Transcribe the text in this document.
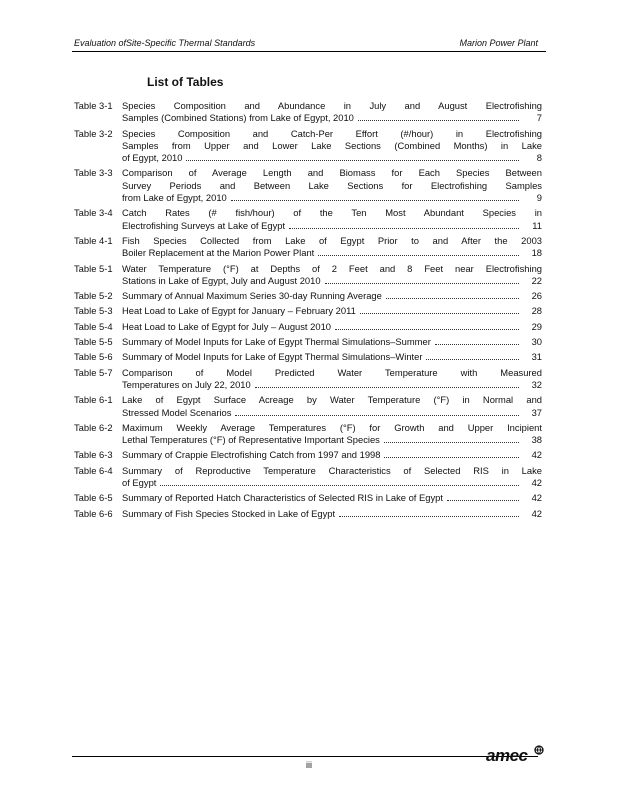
Evaluation ofSite-Specific Thermal Standards	Marion Power Plant
List of Tables
Table 3-1	Species Composition and Abundance in July and August Electrofishing
Samples (Combined Stations) from Lake of Egypt, 2010	7
Table 3-2	Species Composition and Catch-Per Effort (#/hour) in Electrofishing
Samples from Upper and Lower Lake Sections (Combined Months) in Lake
of Egypt, 2010	8
Table 3-3	Comparison of Average Length and Biomass for Each Species Between
Survey Periods and Between Lake Sections for Electrofishing Samples
from Lake of Egypt, 2010	9
Table 3-4	Catch Rates (# fish/hour) of the Ten Most Abundant Species in
Electrofishing Surveys at Lake of Egypt	11
Table 4-1	Fish Species Collected from Lake of Egypt Prior to and After the 2003
Boiler Replacement at the Marion Power Plant	18
Table 5-1	Water Temperature (°F) at Depths of 2 Feet and 8 Feet near Electrofishing
Stations in Lake of Egypt, July and August 2010	22
Table 5-2	Summary of Annual Maximum Series 30-day Running Average	26
Table 5-3	Heat Load to Lake of Egypt for January – February 2011	28
Table 5-4	Heat Load to Lake of Egypt for July – August 2010	29
Table 5-5	Summary of Model Inputs for Lake of Egypt Thermal Simulations–Summer	30
Table 5-6	Summary of Model Inputs for Lake of Egypt Thermal Simulations–Winter	31
Table 5-7	Comparison of Model Predicted Water Temperature with Measured
Temperatures on July 22, 2010	32
Table 6-1	Lake of Egypt Surface Acreage by Water Temperature (°F) in Normal and
Stressed Model Scenarios	37
Table 6-2	Maximum Weekly Average Temperatures (°F) for Growth and Upper Incipient
Lethal Temperatures (°F) of Representative Important Species	38
Table 6-3	Summary of Crappie Electrofishing Catch from 1997 and 1998	42
Table 6-4	Summary of Reproductive Temperature Characteristics of Selected RIS in Lake
of Egypt	42
Table 6-5	Summary of Reported Hatch Characteristics of Selected RIS in Lake of Egypt	42
Table 6-6	Summary of Fish Species Stocked in Lake of Egypt	42
iii	amec
